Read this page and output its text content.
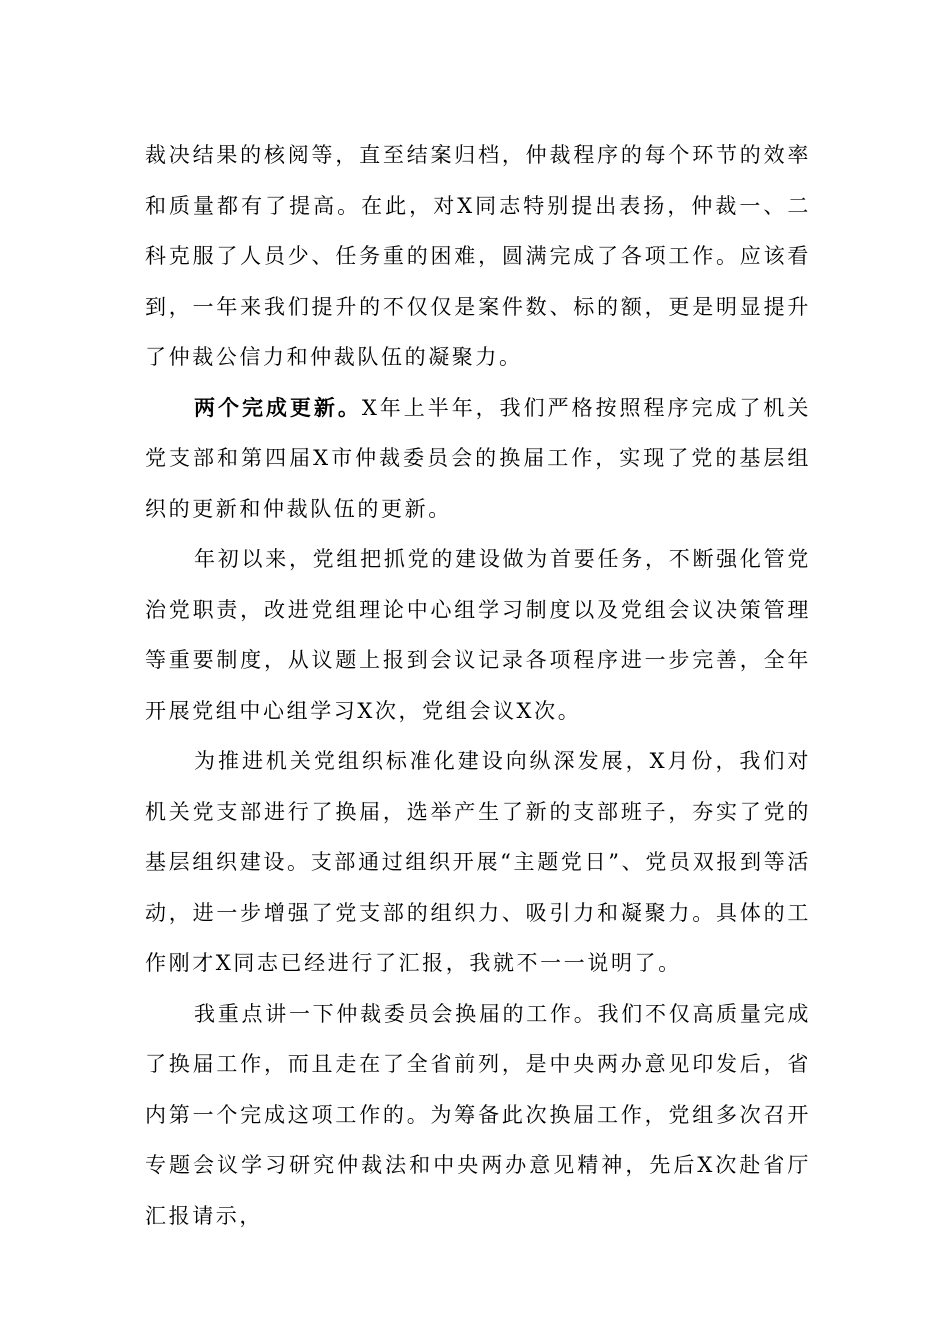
裁决结果的核阅等，直至结案归档，仲裁程序的每个环节的效率和质量都有了提高。在此，对X同志特别提出表扬，仲裁一、二科克服了人员少、任务重的困难，圆满完成了各项工作。应该看到，一年来我们提升的不仅仅是案件数、标的额，更是明显提升了仲裁公信力和仲裁队伍的凝聚力。

两个完成更新。X年上半年，我们严格按照程序完成了机关党支部和第四届X市仲裁委员会的换届工作，实现了党的基层组织的更新和仲裁队伍的更新。

年初以来，党组把抓党的建设做为首要任务，不断强化管党治党职责，改进党组理论中心组学习制度以及党组会议决策管理等重要制度，从议题上报到会议记录各项程序进一步完善，全年开展党组中心组学习X次，党组会议X次。

为推进机关党组织标准化建设向纵深发展，X月份，我们对机关党支部进行了换届，选举产生了新的支部班子，夯实了党的基层组织建设。支部通过组织开展“主题党日”、党员双报到等活动，进一步增强了党支部的组织力、吸引力和凝聚力。具体的工作刚才X同志已经进行了汇报，我就不一一说明了。

我重点讲一下仲裁委员会换届的工作。我们不仅高质量完成了换届工作，而且走在了全省前列，是中央两办意见印发后，省内第一个完成这项工作的。为筹备此次换届工作，党组多次召开专题会议学习研究仲裁法和中央两办意见精神，先后X次赴省厅汇报请示，
